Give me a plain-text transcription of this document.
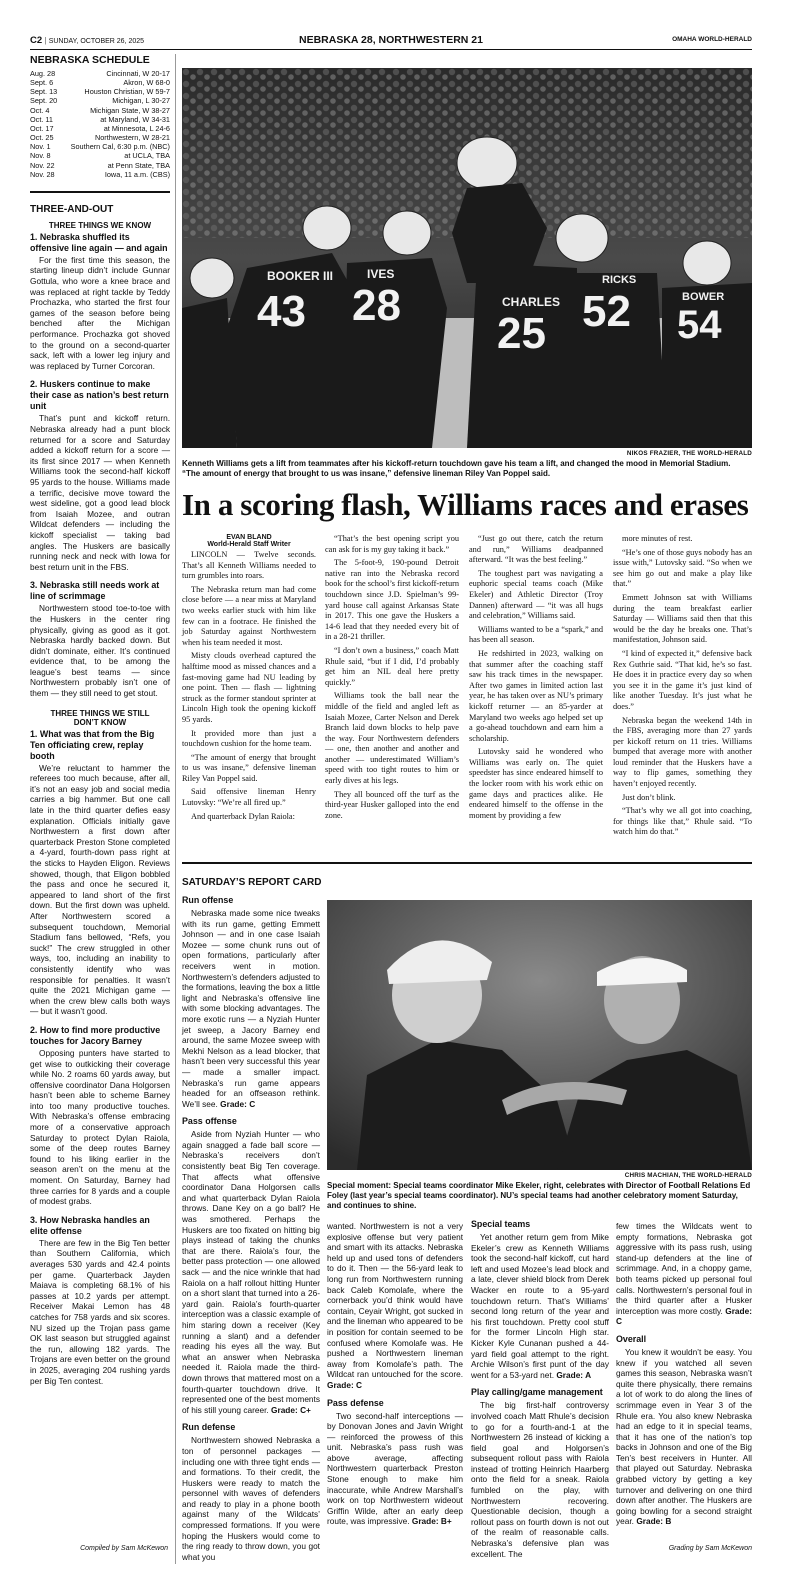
C2 | SUNDAY, OCTOBER 26, 2025	NEBRASKA 28, NORTHWESTERN 21	OMAHA WORLD-HERALD
NEBRASKA SCHEDULE
Aug. 28	Cincinnati, W 20-17
Sept. 6	Akron, W 68-0
Sept. 13	Houston Christian, W 59-7
Sept. 20	Michigan, L 30-27
Oct. 4	Michigan State, W 38-27
Oct. 11	at Maryland, W 34-31
Oct. 17	at Minnesota, L 24-6
Oct. 25	Northwestern, W 28-21
Nov. 1	Southern Cal, 6:30 p.m. (NBC)
Nov. 8	at UCLA, TBA
Nov. 22	at Penn State, TBA
Nov. 28	Iowa, 11 a.m. (CBS)
THREE-AND-OUT
THREE THINGS WE KNOW
1. Nebraska shuffled its offensive line again — and again
For the first time this season, the starting lineup didn’t include Gunnar Gottula, who wore a knee brace and was replaced at right tackle by Teddy Prochazka, who started the first four games of the season before being benched after the Michigan performance. Prochazka got shoved to the ground on a second-quarter sack, left with a lower leg injury and was replaced by Turner Corcoran.
2. Huskers continue to make their case as nation’s best return unit
That’s punt and kickoff return. Nebraska already had a punt block returned for a score and Saturday added a kickoff return for a score — its first since 2017 — when Kenneth Williams took the second-half kickoff 95 yards to the house. Williams made a terrific, decisive move toward the west sideline, got a good lead block from Isaiah Mozee, and outran Wildcat defenders — including the kickoff specialist — taking bad angles. The Huskers are basically running neck and neck with Iowa for best return unit in the FBS.
3. Nebraska still needs work at line of scrimmage
Northwestern stood toe-to-toe with the Huskers in the center ring physically, giving as good as it got. Nebraska hardly backed down. But didn’t dominate, either. It’s continued evidence that, to be among the league’s best teams — since Northwestern probably isn’t one of them — they still need to get stout.
THREE THINGS WE STILL DON’T KNOW
1. What was that from the Big Ten officiating crew, replay booth
We’re reluctant to hammer the referees too much because, after all, it’s not an easy job and social media carries a big hammer. But one call late in the third quarter defies easy explanation. Officials initially gave Northwestern a first down after quarterback Preston Stone completed a 4-yard, fourth-down pass right at the sticks to Hayden Eligon. Reviews showed, though, that Eligon bobbled the pass and once he secured it, appeared to land short of the first down. But the first down was upheld. After Northwestern scored a subsequent touchdown, Memorial Stadium fans bellowed, “Refs, you suck!” The crew struggled in other ways, too, including an inability to consistently identify who was responsible for penalties. It wasn’t quite the 2021 Michigan game — when the crew blew calls both ways — but it wasn’t good.
2. How to find more productive touches for Jacory Barney
Opposing punters have started to get wise to outkicking their coverage while No. 2 roams 60 yards away, but offensive coordinator Dana Holgorsen hasn’t been able to scheme Barney into too many productive touches. With Nebraska’s offense embracing more of a conservative approach Saturday to protect Dylan Raiola, some of the deep routes Barney found to his liking earlier in the season aren’t on the menu at the moment. On Saturday, Barney had three carries for 8 yards and a couple of modest grabs.
3. How Nebraska handles an elite offense
There are few in the Big Ten better than Southern California, which averages 530 yards and 42.4 points per game. Quarterback Jayden Maiava is completing 68.1% of his passes at 10.2 yards per attempt. Receiver Makai Lemon has 48 catches for 758 yards and six scores. NU sized up the Trojan pass game OK last season but struggled against the run, allowing 182 yards. The Trojans are even better on the ground in 2025, averaging 204 rushing yards per Big Ten contest.
Compiled by Sam McKewon
43
BOOKER III
28
IVES
25
CHARLES 52
RICKS
54
BOWER
NIKOS FRAZIER, THE WORLD-HERALD
Kenneth Williams gets a lift from teammates after his kickoff-return touchdown gave his team a lift, and changed the mood in Memorial Stadium. “The amount of energy that brought to us was insane,” defensive lineman Riley Van Poppel said.
In a scoring flash, Williams races and erases
EVAN BLAND
World-Herald Staff Writer

LINCOLN — Twelve seconds. That’s all Kenneth Williams needed to turn grumbles into roars.

The Nebraska return man had come close before — a near miss at Maryland two weeks earlier stuck with him like few can in a footrace. He finished the job Saturday against Northwestern when his team needed it most.

Misty clouds overhead captured the halftime mood as missed chances and a fast-moving game had NU leading by one point. Then — flash — lightning struck as the former standout sprinter at Lincoln High took the opening kickoff 95 yards.

It provided more than just a touchdown cushion for the home team.

“The amount of energy that brought to us was insane,” defensive lineman Riley Van Poppel said.

Said offensive lineman Henry Lutovsky: “We’re all fired up.”

And quarterback Dylan Raiola:

“That’s the best opening script you can ask for is my guy taking it back.”

The 5-foot-9, 190-pound Detroit native ran into the Nebraska record book for the school’s first kickoff-return touchdown since J.D. Spielman’s 99-yard house call against Arkansas State in 2017. This one gave the Huskers a 14-6 lead that they needed every bit of in a 28-21 thriller.

“I don’t own a business,” coach Matt Rhule said, “but if I did, I’d probably get him an NIL deal here pretty quickly.”

Williams took the ball near the middle of the field and angled left as Isaiah Mozee, Carter Nelson and Derek Branch laid down blocks to help pave the way. Four Northwestern defenders — one, then another and another and another — underestimated William’s speed with too tight routes to him or early dives at his legs.

They all bounced off the turf as the third-year Husker galloped into the end zone.

“Just go out there, catch the return and run,” Williams deadpanned afterward. “It was the best feeling.”

The toughest part was navigating a euphoric special teams coach (Mike Ekeler) and Athletic Director (Troy Dannen) afterward — “it was all hugs and celebration,” Williams said.

Williams wanted to be a “spark,” and has been all season.

He redshirted in 2023, walking on that summer after the coaching staff saw his track times in the newspaper. After two games in limited action last year, he has taken over as NU’s primary kickoff returner — an 85-yarder at Maryland two weeks ago helped set up a go-ahead touchdown and earn him a scholarship.

Lutovsky said he wondered who Williams was early on. The quiet speedster has since endeared himself to the locker room with his work ethic on game days and practices alike. He endeared himself to the offense in the moment by providing a few

more minutes of rest.

“He’s one of those guys nobody has an issue with,” Lutovsky said. “So when we see him go out and make a play like that.”

Emmett Johnson sat with Williams during the team breakfast earlier Saturday — Williams said then that this would be the day he breaks one. That’s manifestation, Johnson said.

“I kind of expected it,” defensive back Rex Guthrie said. “That kid, he’s so fast. He does it in practice every day so when you see it in the game it’s just kind of like another Tuesday. It’s just what he does.”

Nebraska began the weekend 14th in the FBS, averaging more than 27 yards per kickoff return on 11 tries. Williams bumped that average more with another loud reminder that the Huskers have a way to flip games, something they haven’t enjoyed recently.

Just don’t blink.

“That’s why we all got into coaching, for things like that,” Rhule said. “To watch him do that.”

SATURDAY’S REPORT CARD
Run offense

Nebraska made some nice tweaks with its run game, getting Emmett Johnson — and in one case Isaiah Mozee — some chunk runs out of open formations, particularly after receivers went in motion. Northwestern’s defenders adjusted to the formations, leaving the box a little light and Nebraska’s offensive line with some blocking advantages. The more exotic runs — a Nyziah Hunter jet sweep, a Jacory Barney end around, the same Mozee sweep with Mekhi Nelson as a lead blocker, that hasn’t been very successful this year — made a smaller impact. Nebraska’s run game appears headed for an offseason rethink. We’ll see. Grade: C

Pass offense

Aside from Nyziah Hunter — who again snagged a fade ball score — Nebraska’s receivers don’t consistently beat Big Ten coverage. That affects what offensive coordinator Dana Holgorsen calls and what quarterback Dylan Raiola throws. Dane Key on a go ball? He was smothered. Perhaps the Huskers are too fixated on hitting big plays instead of taking the chunks that are there. Raiola’s four, the better pass protection — one allowed sack — and the nice wrinkle that had Raiola on a half rollout hitting Hunter on a short slant that turned into a 26-yard gain. Raiola’s fourth-quarter interception was a classic example of him staring down a receiver (Key running a slant) and a defender reading his eyes all the way. But what an answer when Nebraska needed it. Raiola made the third-down throws that mattered most on a fourth-quarter touchdown drive. It represented one of the best moments of his still young career. Grade: C+

Run defense

Northwestern showed Nebraska a ton of personnel packages — including one with three tight ends — and formations. To their credit, the Huskers were ready to match the personnel with waves of defenders and ready to play in a phone booth against many of the Wildcats’ compressed formations. If you were hoping the Huskers would come to the ring ready to throw down, you got what you

CHRIS MACHIAN, THE WORLD-HERALD
Special moment: Special teams coordinator Mike Ekeler, right, celebrates with Director of Football Relations Ed Foley (last year’s special teams coordinator). NU’s special teams had another celebratory moment Saturday, and continues to shine.

wanted. Northwestern is not a very explosive offense but very patient and smart with its attacks. Nebraska held up and used tons of defenders to do it. Then — the 56-yard leak to long run from Northwestern running back Caleb Komolafe, where the cornerback you’d think would have contain, Ceyair Wright, got sucked in and the lineman who appeared to be in position for contain seemed to be confused where Komolafe was. He pushed a Northwestern lineman away from Komolafe’s path. The Wildcat ran untouched for the score. Grade: C

Pass defense

Two second-half interceptions — by Donovan Jones and Javin Wright — reinforced the prowess of this unit. Nebraska’s pass rush was above average, affecting Northwestern quarterback Preston Stone enough to make him inaccurate, while Andrew Marshall’s work on top Northwestern wideout Griffin Wilde, after an early deep route, was impressive. Grade: B+

Special teams

Yet another return gem from Mike Ekeler’s crew as Kenneth Williams took the second-half kickoff, cut hard left and used Mozee’s lead block and a late, clever shield block from Derek Wacker en route to a 95-yard touchdown return. That’s Williams’ second long return of the year and his first touchdown. Pretty cool stuff for the former Lincoln High star. Kicker Kyle Cunanan pushed a 44-yard field goal attempt to the right. Archie Wilson’s first punt of the day went for a 53-yard net. Grade: A

Play calling/game management

The big first-half controversy involved coach Matt Rhule’s decision to go for a fourth-and-1 at the Northwestern 26 instead of kicking a field goal and Holgorsen’s subsequent rollout pass with Raiola instead of trotting Heinrich Haarberg onto the field for a sneak. Raiola fumbled on the play, with Northwestern recovering. Questionable decision, though a rollout pass on fourth down is not out of the realm of reasonable calls. Nebraska’s defensive plan was excellent. The

few times the Wildcats went to empty formations, Nebraska got aggressive with its pass rush, using stand-up defenders at the line of scrimmage. And, in a choppy game, both teams picked up personal foul calls. Northwestern’s personal foul in the third quarter after a Husker interception was more costly. Grade: C

Overall

You knew it wouldn’t be easy. You knew if you watched all seven games this season, Nebraska wasn’t quite there physically, there remains a lot of work to do along the lines of scrimmage even in Year 3 of the Rhule era. You also knew Nebraska had an edge to it in special teams, that it has one of the nation’s top backs in Johnson and one of the Big Ten’s best receivers in Hunter. All that played out Saturday. Nebraska grabbed victory by getting a key turnover and delivering on one third down after another. The Huskers are going bowling for a second straight year. Grade: B

Grading by Sam McKewon
